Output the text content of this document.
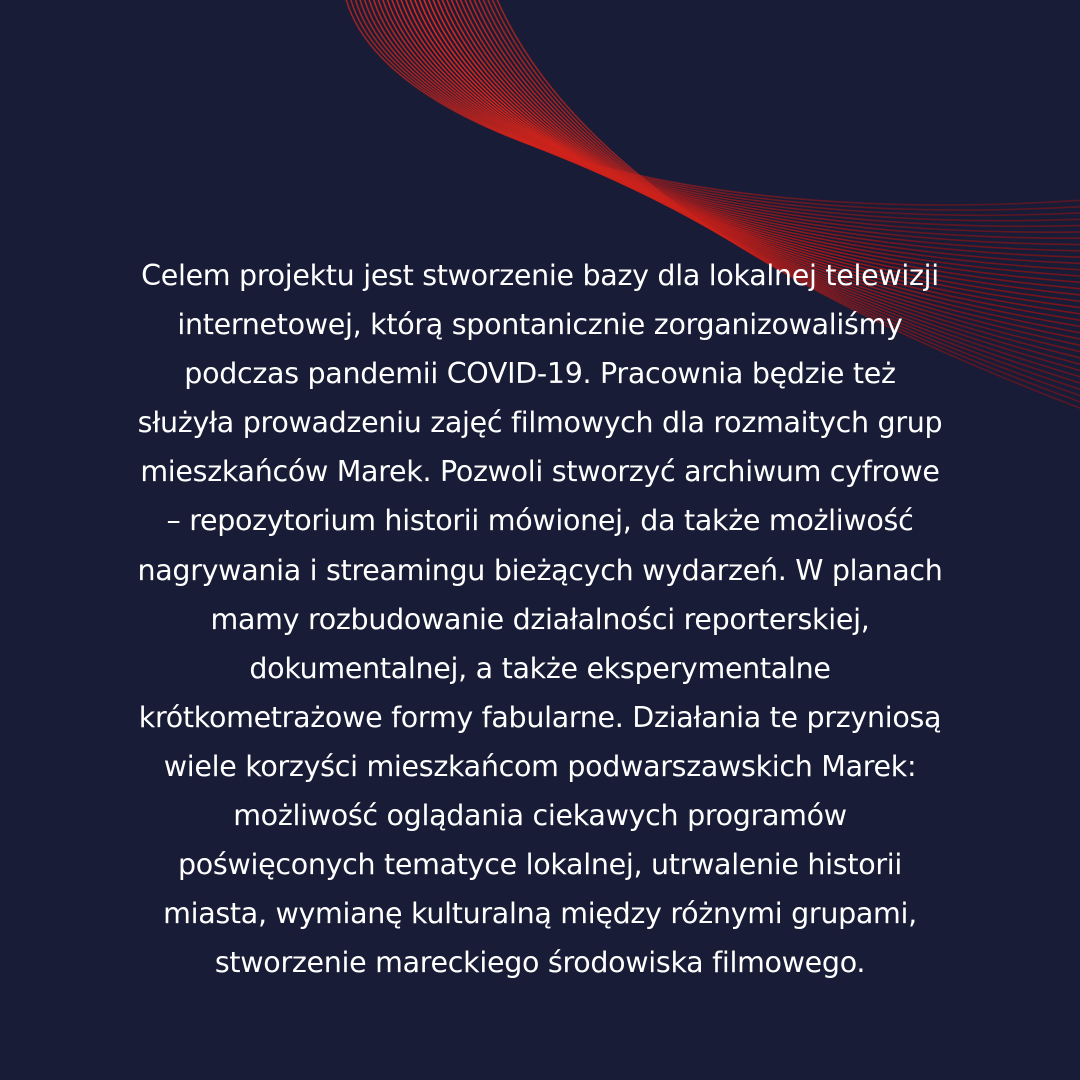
Celem projektu jest stworzenie bazy dla lokalnej telewizji
internetowej, którą spontanicznie zorganizowaliśmy
podczas pandemii COVID-19. Pracownia będzie też
służyła prowadzeniu zajęć filmowych dla rozmaitych grup
mieszkańców Marek. Pozwoli stworzyć archiwum cyfrowe
– repozytorium historii mówionej, da także możliwość
nagrywania i streamingu bieżących wydarzeń. W planach
mamy rozbudowanie działalności reporterskiej,
dokumentalnej, a także eksperymentalne
krótkometrażowe formy fabularne. Działania te przyniosą
wiele korzyści mieszkańcom podwarszawskich Marek:
możliwość oglądania ciekawych programów
poświęconych tematyce lokalnej, utrwalenie historii
miasta, wymianę kulturalną między różnymi grupami,
stworzenie mareckiego środowiska filmowego.
